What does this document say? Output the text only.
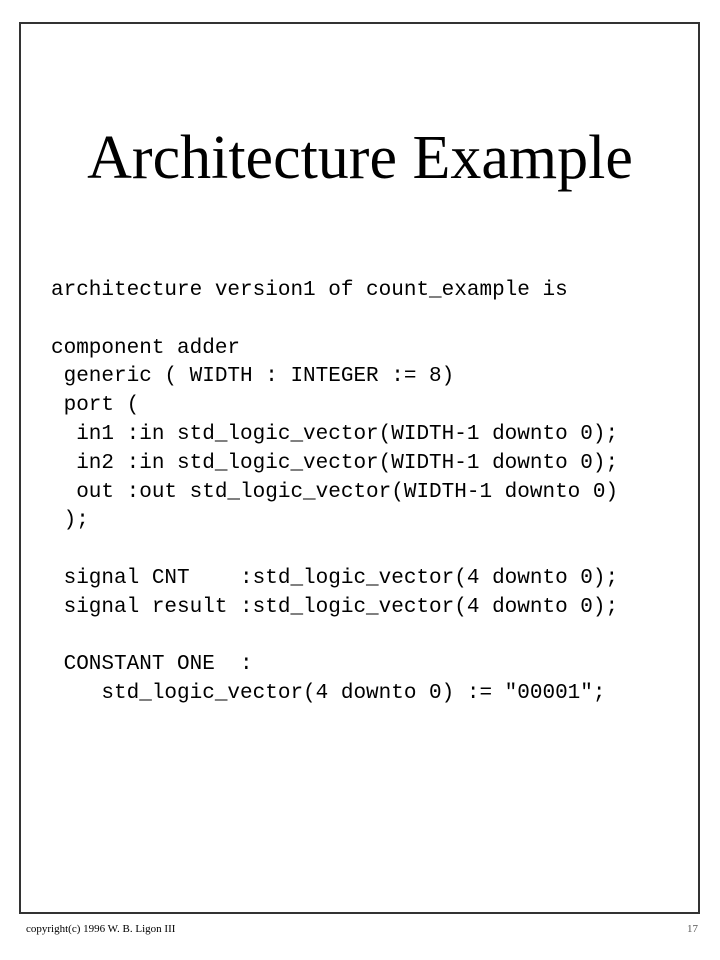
Architecture Example
architecture version1 of count_example is
component adder
generic ( WIDTH : INTEGER := 8)
port (
in1 :in std_logic_vector(WIDTH-1 downto 0);
in2 :in std_logic_vector(WIDTH-1 downto 0);
out :out std_logic_vector(WIDTH-1 downto 0)
);
signal CNT    :std_logic_vector(4 downto 0);
signal result :std_logic_vector(4 downto 0);
CONSTANT ONE  :
std_logic_vector(4 downto 0) := "00001";
copyright(c) 1996 W. B. Ligon III	17
